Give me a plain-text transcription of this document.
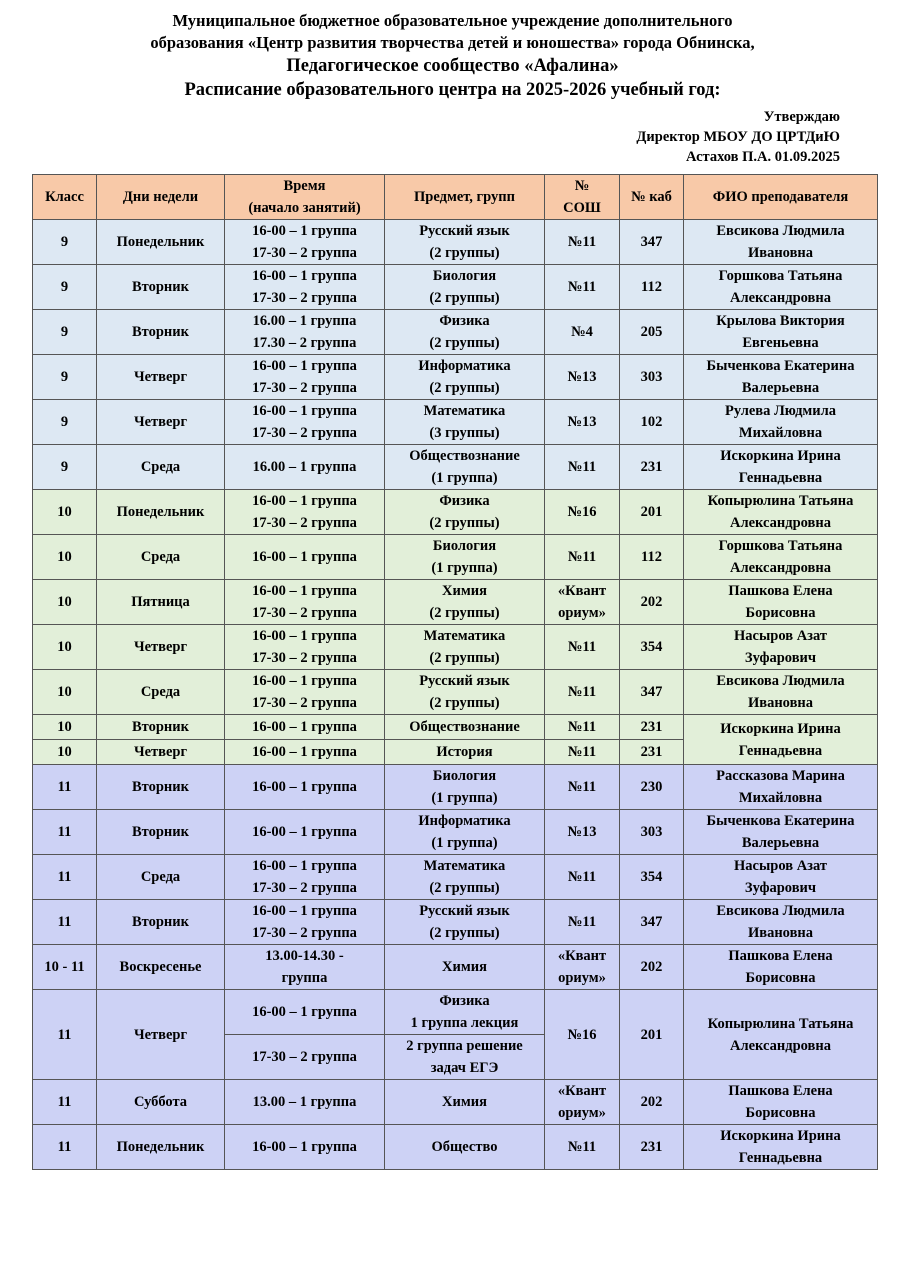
Муниципальное бюджетное образовательное учреждение дополнительного
образования «Центр развития творчества детей и юношества» города Обнинска,
Педагогическое сообщество «Афалина»
Расписание образовательного центра на 2025-2026 учебный год:
Утверждаю
Директор МБОУ ДО ЦРТДиЮ
Астахов П.А. 01.09.2025
Класс	Дни недели	Время
(начало занятий)	Предмет, групп	№
СОШ	№ каб	ФИО преподавателя
9	Понедельник	16-00 – 1 группа
17-30 – 2 группа	Русский язык
(2 группы)	№11	347	Евсикова Людмила
Ивановна
9	Вторник	16-00 – 1 группа
17-30 – 2 группа	Биология
(2 группы)	№11	112	Горшкова Татьяна
Александровна
9	Вторник	16.00 – 1 группа
17.30 – 2 группа	Физика
(2 группы)	№4	205	Крылова Виктория
Евгеньевна
9	Четверг	16-00 – 1 группа
17-30 – 2 группа	Информатика
(2 группы)	№13	303	Быченкова Екатерина
Валерьевна
9	Четверг	16-00 – 1 группа
17-30 – 2 группа	Математика
(3 группы)	№13	102	Рулева Людмила
Михайловна
9	Среда	16.00 – 1 группа	Обществознание
(1 группа)	№11	231	Искоркина Ирина
Геннадьевна
10	Понедельник	16-00 – 1 группа
17-30 – 2 группа	Физика
(2 группы)	№16	201	Копырюлина Татьяна
Александровна
10	Среда	16-00 – 1 группа	Биология
(1 группа)	№11	112	Горшкова Татьяна
Александровна
10	Пятница	16-00 – 1 группа
17-30 – 2 группа	Химия
(2 группы)	«Квант
ориум»	202	Пашкова Елена
Борисовна
10	Четверг	16-00 – 1 группа
17-30 – 2 группа	Математика
(2 группы)	№11	354	Насыров Азат
Зуфарович
10	Среда	16-00 – 1 группа
17-30 – 2 группа	Русский язык
(2 группы)	№11	347	Евсикова Людмила
Ивановна
10	Вторник	16-00 – 1 группа	Обществознание	№11	231	Искоркина Ирина
Геннадьевна
10	Четверг	16-00 – 1 группа	История	№11	231	
11	Вторник	16-00 – 1 группа	Биология
(1 группа)	№11	230	Рассказова Марина
Михайловна
11	Вторник	16-00 – 1 группа	Информатика
(1 группа)	№13	303	Быченкова Екатерина
Валерьевна
11	Среда	16-00 – 1 группа
17-30 – 2 группа	Математика
(2 группы)	№11	354	Насыров Азат
Зуфарович
11	Вторник	16-00 – 1 группа
17-30 – 2 группа	Русский язык
(2 группы)	№11	347	Евсикова Людмила
Ивановна
10 - 11	Воскресенье	13.00-14.30 -
группа	Химия	«Квант
ориум»	202	Пашкова Елена
Борисовна
11	Четверг	16-00 – 1 группа	Физика
1 группа лекция	№16	201	Копырюлина Татьяна
Александровна
		17-30 – 2 группа	2 группа решение
задач ЕГЭ			
11	Суббота	13.00 – 1 группа	Химия	«Квант
ориум»	202	Пашкова Елена
Борисовна
11	Понедельник	16-00 – 1 группа	Общество	№11	231	Искоркина Ирина
Геннадьевна
